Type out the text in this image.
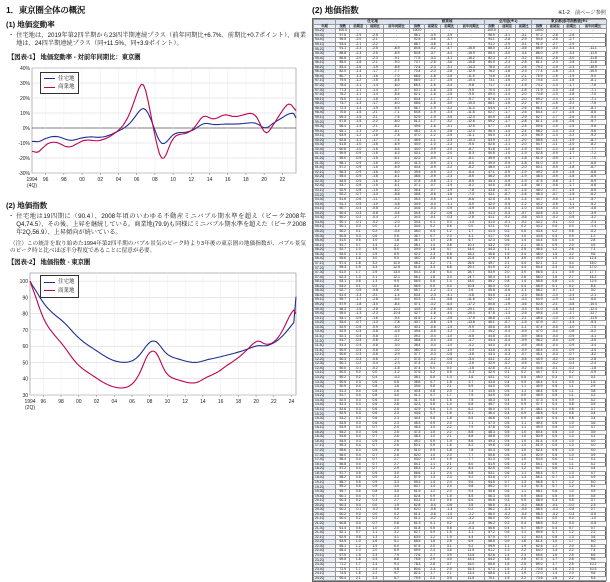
1．東京圏全体の概況
(1) 地価変動率
・ 住宅地は、2019年第2四半期から23四半期連続プラス（前年同期比+6.7%、前期比+0.7ポイント）、商業地は、24四半期連続プラス（同+11.5%、同+3.9ポイント）。
【図表-1】 地価変動率 - 対前年同期比：東京圏
-30%
-20%
-10%
0%
10%
20%
30%
40%
96	98	00	02	04	06	08	10	12	14	16	18	20	22
1994
(4Q)
住宅地
商業地
(2) 地価指数
・ 住宅地は19四期に（90.4）、2008年頃のいわゆる不動産ミニバブル期水準を超え（ピーク2008年Q4,74.5）、その後、上昇を継続している。商業地(79.9)も同様にミニバブル期水準を超えた（ピーク2008年2Q,56.9）、上昇傾向が続いている。
（注）この統計を取り始めた1994年第2四半期のバブル景気のピーク時より3年後の東京圏の地価指数が、バブル景気のピーク時と比べほぼ半分程度であることに留意が必要。
【図表-2】 地価指数 - 東京圏
30
40
50
60
70
80
90
100
96 98 00 02 04 06 08 10 12 14 16 18 20 22 24
1994
(2Q)
住宅地
商業地
(2) 地価指数	※1-2　前ページ参照
	住宅地				商業地				全用途(※1)			東京都(参考指数値)※2			
年期	指数	前期差	前期比	前年同期比	指数	前期差	前期比	前年同期比	指数	前期差	前期比	指数	前期差	前期比	前年同期比
94-2Q	100.0	-	-	-	100.0	-	-	-	100.0	-	-	100.0	-	-	-
94-3Q	97.5	-2.5	-2.5	-	96.1	-3.9	-3.9	-	96.9	-3.1	-3.1	97.2	-2.8	-2.8	-
94-4Q	95.5	-2.0	-2.1	-	92.5	-3.6	-3.7	-	94.1	-2.8	-2.9	94.6	-2.6	-2.7	-
95-1Q	93.4	-2.1	-2.2	-	88.7	-3.8	-4.1	-	91.2	-2.9	-3.1	91.9	-2.7	-2.9	-
95-2Q	91.1	-2.3	-2.5	-8.9	84.5	-4.2	-4.7	-15.5	88.0	-3.2	-3.5	88.9	-3.0	-3.3	-11.1
95-3Q	88.8	-2.3	-2.5	-8.9	80.8	-3.7	-4.4	-15.9	85.0	-3.0	-3.4	86.0	-2.9	-3.3	-11.5
95-4Q	86.8	-2.0	-2.3	-9.1	77.5	-3.3	-4.1	-16.2	82.3	-2.7	-3.2	83.4	-2.6	-3.0	-11.8
96-1Q	85.0	-1.8	-2.1	-9.0	74.7	-2.8	-3.6	-15.8	80.0	-2.3	-2.8	81.1	-2.3	-2.8	-11.8
96-2Q	83.4	-1.6	-1.9	-8.5	72.4	-2.3	-3.1	-14.3	78.0	-2.0	-2.5	79.2	-1.9	-2.3	-10.9
96-3Q	82.0	-1.4	-1.7	-7.7	70.4	-2.0	-2.8	-12.9	76.2	-1.8	-2.3	77.4	-1.8	-2.3	-10.0
96-4Q	80.7	-1.3	-1.6	-7.0	68.6	-1.8	-2.6	-11.5	74.6	-1.6	-2.1	75.9	-1.5	-1.9	-9.0
97-1Q	79.5	-1.2	-1.5	-6.5	66.9	-1.7	-2.5	-10.4	73.1	-1.5	-2.0	74.5	-1.4	-1.8	-8.1
97-2Q	78.4	-1.1	-1.4	-6.0	65.3	-1.6	-2.4	-9.8	71.7	-1.4	-1.9	73.2	-1.3	-1.7	-7.6
97-3Q	77.3	-1.1	-1.4	-5.7	63.7	-1.6	-2.5	-9.5	70.4	-1.3	-1.8	71.9	-1.3	-1.8	-7.1
97-4Q	76.2	-1.1	-1.4	-5.6	62.1	-1.6	-2.5	-9.5	69.0	-1.4	-2.0	70.6	-1.3	-1.8	-7.0
98-1Q	75.0	-1.2	-1.6	-5.7	60.4	-1.7	-2.7	-9.7	67.6	-1.4	-2.0	69.2	-1.4	-2.0	-7.1
98-2Q	73.7	-1.3	-1.7	-6.0	58.6	-1.8	-3.0	-10.3	66.1	-1.5	-2.2	67.7	-1.5	-2.2	-7.5
98-3Q	72.3	-1.4	-1.9	-6.5	56.7	-1.9	-3.2	-11.0	64.4	-1.7	-2.6	66.1	-1.6	-2.4	-8.1
98-4Q	70.8	-1.5	-2.1	-7.1	54.8	-1.9	-3.4	-11.8	62.7	-1.7	-2.6	64.4	-1.7	-2.6	-8.8
99-1Q	69.3	-1.5	-2.1	-7.6	52.9	-1.9	-3.5	-12.4	60.9	-1.8	-2.9	62.7	-1.7	-2.6	-9.4
99-2Q	67.8	-1.5	-2.2	-8.0	51.2	-1.7	-3.2	-12.6	59.2	-1.7	-2.8	61.1	-1.6	-2.6	-9.7
99-3Q	66.4	-1.4	-2.1	-8.2	49.6	-1.6	-3.1	-12.5	57.7	-1.5	-2.5	59.6	-1.5	-2.5	-9.8
99-4Q	65.1	-1.3	-2.0	-8.1	48.2	-1.4	-2.8	-12.0	56.3	-1.4	-2.4	58.2	-1.4	-2.3	-9.6
00-1Q	63.9	-1.2	-1.8	-7.8	47.0	-1.2	-2.5	-11.1	55.0	-1.3	-2.3	56.9	-1.3	-2.2	-9.2
00-2Q	62.8	-1.1	-1.7	-7.4	45.9	-1.1	-2.3	-10.3	53.9	-1.1	-2.0	55.8	-1.1	-1.9	-8.7
00-3Q	61.8	-1.0	-1.6	-6.9	44.9	-1.0	-2.2	-9.5	52.8	-1.1	-2.0	54.7	-1.1	-2.0	-8.2
00-4Q	60.8	-1.0	-1.6	-6.6	44.0	-0.9	-2.0	-8.7	51.8	-1.0	-1.9	53.7	-1.0	-1.8	-7.7
01-1Q	59.9	-0.9	-1.5	-6.3	43.1	-0.9	-2.0	-8.3	50.8	-1.0	-1.9	52.8	-0.9	-1.7	-7.2
01-2Q	59.0	-0.9	-1.5	-6.1	42.2	-0.9	-2.1	-8.1	49.9	-0.9	-1.8	51.9	-0.9	-1.7	-7.0
01-3Q	58.1	-0.9	-1.5	-6.0	41.3	-0.9	-2.1	-8.0	49.0	-0.9	-1.8	51.0	-0.9	-1.7	-6.8
01-4Q	57.2	-0.9	-1.5	-5.9	40.4	-0.9	-2.2	-8.2	48.0	-1.0	-2.0	50.1	-0.9	-1.8	-6.7
02-1Q	56.3	-0.9	-1.6	-6.0	39.5	-0.9	-2.2	-8.4	47.1	-0.9	-1.9	49.2	-0.9	-1.8	-6.8
02-2Q	55.4	-0.9	-1.6	-6.1	38.6	-0.9	-2.3	-8.5	46.2	-0.9	-1.9	48.3	-0.9	-1.8	-6.9
02-3Q	54.5	-0.9	-1.6	-6.2	37.8	-0.8	-2.1	-8.5	45.3	-0.9	-1.9	47.5	-0.8	-1.7	-6.9
02-4Q	53.7	-0.8	-1.5	-6.1	37.1	-0.7	-1.9	-8.2	44.5	-0.8	-1.8	46.7	-0.8	-1.7	-6.8
03-1Q	52.9	-0.8	-1.5	-6.0	36.4	-0.7	-1.9	-7.8	43.8	-0.7	-1.6	46.0	-0.7	-1.5	-6.5
03-2Q	52.2	-0.7	-1.3	-5.8	35.8	-0.6	-1.6	-7.3	43.1	-0.7	-1.6	45.3	-0.7	-1.5	-6.2
03-3Q	51.6	-0.6	-1.1	-5.3	35.3	-0.5	-1.4	-6.6	42.5	-0.6	-1.4	44.7	-0.6	-1.3	-5.7
03-4Q	51.1	-0.5	-1.0	-4.8	34.9	-0.4	-1.1	-5.9	42.0	-0.5	-1.2	44.2	-0.5	-1.1	-5.2
04-1Q	50.7	-0.4	-0.8	-4.2	34.6	-0.3	-0.9	-4.9	41.6	-0.4	-1.0	43.8	-0.4	-0.9	-4.6
04-2Q	50.4	-0.3	-0.6	-3.4	34.4	-0.2	-0.6	-3.9	41.3	-0.3	-0.7	43.5	-0.3	-0.7	-3.9
04-3Q	50.2	-0.2	-0.4	-2.7	34.3	-0.1	-0.3	-2.8	41.1	-0.2	-0.5	43.3	-0.2	-0.5	-3.2
04-4Q	50.1	-0.1	-0.2	-2.0	34.4	0.1	0.3	-1.4	41.0	-0.1	-0.2	43.2	-0.1	-0.2	-2.3
05-1Q	50.1	0.0	0.0	-1.2	34.6	0.2	0.6	0.0	41.1	0.1	0.2	43.2	0.0	0.0	-1.4
05-2Q	50.2	0.1	0.2	-0.4	35.0	0.4	1.2	1.7	41.3	0.2	0.5	43.4	0.2	0.5	-0.2
05-3Q	50.5	0.3	0.6	0.6	35.7	0.7	2.0	4.1	41.7	0.4	1.0	43.8	0.4	0.9	1.2
05-4Q	51.0	0.5	1.0	1.8	36.7	1.0	2.8	6.7	42.3	0.6	1.4	44.4	0.6	1.4	2.8
06-1Q	51.7	0.7	1.4	3.2	38.1	1.4	3.8	10.1	43.2	0.9	2.1	45.3	0.9	2.0	4.9
06-2Q	52.7	1.0	1.9	5.0	39.9	1.8	4.7	14.0	44.3	1.1	2.5	46.5	1.2	2.6	7.1
06-3Q	54.0	1.3	2.5	6.9	42.2	2.3	5.8	18.2	45.8	1.5	3.4	48.0	1.5	3.2	9.6
06-4Q	55.6	1.6	3.0	9.0	45.0	2.8	6.6	22.6	47.6	1.8	3.9	49.9	1.9	4.0	12.4
07-1Q	57.4	1.8	3.2	11.0	48.2	3.2	7.1	26.5	49.7	2.1	4.4	52.1	2.2	4.4	15.0
07-2Q	59.3	1.9	3.3	12.5	51.5	3.3	6.8	29.1	51.9	2.2	4.4	54.4	2.3	4.4	17.0
07-3Q	61.0	1.7	2.9	13.0	54.3	2.8	5.4	28.7	53.9	2.0	3.9	56.5	2.1	3.9	17.7
07-4Q	62.3	1.3	2.1	12.1	56.1	1.8	3.3	24.7	55.4	1.5	2.8	58.0	1.5	2.7	16.2
08-1Q	63.1	0.8	1.3	9.9	56.9	0.8	1.4	18.0	56.2	0.8	1.4	58.8	0.8	1.4	12.9
08-2Q	63.2	0.1	0.2	6.6	56.9	0.0	0.0	10.5	56.4	0.2	0.4	58.9	0.1	0.2	8.3
08-3Q	62.7	-0.5	-0.8	2.8	55.7	-1.2	-2.1	2.6	55.8	-0.6	-1.1	58.2	-0.7	-1.2	3.0
08-4Q	61.4	-1.3	-2.1	-1.4	53.4	-2.3	-4.1	-4.8	54.5	-1.3	-2.3	56.8	-1.4	-2.4	-2.1
09-1Q	59.7	-1.7	-2.8	-5.4	50.3	-3.1	-5.8	-11.6	52.7	-1.8	-3.3	54.9	-1.9	-3.3	-6.6
09-2Q	57.9	-1.8	-3.0	-8.4	47.1	-3.2	-6.4	-17.2	50.8	-1.9	-3.6	52.8	-2.1	-3.8	-10.4
09-3Q	56.3	-1.6	-2.8	-10.2	44.5	-2.6	-5.5	-20.1	49.1	-1.7	-3.3	51.0	-1.8	-3.4	-12.4
09-4Q	55.0	-1.3	-2.3	-10.4	42.7	-1.8	-4.0	-20.0	47.8	-1.3	-2.6	49.6	-1.4	-2.7	-12.7
10-1Q	54.1	-0.9	-1.6	-9.4	41.5	-1.2	-2.8	-17.5	46.8	-1.0	-2.1	48.6	-1.0	-2.0	-11.5
10-2Q	53.4	-0.7	-1.3	-7.8	40.7	-0.8	-1.9	-13.6	46.1	-0.7	-1.5	47.9	-0.7	-1.4	-9.3
10-3Q	52.9	-0.5	-0.9	-6.0	40.1	-0.6	-1.5	-9.9	45.6	-0.5	-1.1	47.4	-0.5	-1.0	-7.0
10-4Q	52.5	-0.4	-0.8	-4.5	39.6	-0.5	-1.2	-7.3	45.2	-0.4	-0.9	47.0	-0.4	-0.8	-5.2
11-1Q	52.1	-0.4	-0.8	-3.7	39.2	-0.4	-1.0	-5.5	44.8	-0.4	-0.9	46.6	-0.4	-0.9	-4.1
11-2Q	51.7	-0.4	-0.8	-3.2	38.8	-0.4	-1.0	-4.7	44.4	-0.4	-0.9	46.2	-0.4	-0.9	-3.5
11-3Q	51.3	-0.4	-0.8	-3.0	38.4	-0.4	-1.0	-4.2	44.0	-0.4	-0.9	45.8	-0.4	-0.9	-3.4
11-4Q	50.9	-0.4	-0.8	-3.0	38.0	-0.4	-1.0	-4.0	43.6	-0.4	-0.9	45.4	-0.4	-0.9	-3.4
12-1Q	50.6	-0.3	-0.6	-2.9	37.7	-0.3	-0.8	-3.8	43.3	-0.3	-0.7	45.1	-0.3	-0.7	-3.2
12-2Q	50.3	-0.3	-0.6	-2.7	37.5	-0.2	-0.5	-3.4	43.1	-0.2	-0.5	44.9	-0.2	-0.4	-2.8
12-3Q	50.1	-0.2	-0.4	-2.3	37.4	-0.1	-0.3	-2.6	42.9	-0.2	-0.5	44.7	-0.2	-0.4	-2.4
12-4Q	50.0	-0.1	-0.2	-1.8	37.4	0.0	0.0	-1.6	42.8	-0.1	-0.2	44.6	-0.1	-0.2	-1.8
13-1Q	50.0	0.0	0.0	-1.2	37.6	0.2	0.5	-0.3	42.9	0.1	0.2	44.7	0.1	0.2	-0.9
13-2Q	50.2	0.2	0.4	-0.2	38.1	0.5	1.3	1.6	43.1	0.2	0.5	45.0	0.3	0.7	0.2
13-3Q	50.5	0.3	0.6	0.8	38.8	0.7	1.8	3.7	43.5	0.4	0.9	45.4	0.4	0.9	1.6
13-4Q	50.9	0.4	0.8	1.8	39.6	0.8	2.1	5.9	44.0	0.5	1.1	45.9	0.5	1.1	2.9
14-1Q	51.3	0.4	0.8	2.6	40.4	0.8	2.0	7.4	44.5	0.5	1.1	46.4	0.5	1.1	3.8
14-2Q	51.7	0.4	0.8	3.0	41.1	0.7	1.7	7.9	44.9	0.4	0.9	46.9	0.5	1.1	4.2
14-3Q	52.0	0.3	0.6	3.0	41.7	0.6	1.5	7.5	45.3	0.4	0.9	47.3	0.4	0.9	4.2
14-4Q	52.3	0.3	0.6	2.8	42.3	0.6	1.4	6.8	45.7	0.4	0.9	47.7	0.4	0.8	3.9
15-1Q	52.6	0.3	0.6	2.5	42.9	0.6	1.4	6.2	46.0	0.3	0.7	48.1	0.4	0.8	3.7
15-2Q	52.9	0.3	0.6	2.3	43.6	0.7	1.6	6.1	46.4	0.4	0.9	48.5	0.4	0.8	3.4
15-3Q	53.2	0.3	0.6	2.3	44.4	0.8	1.8	6.5	46.8	0.4	0.9	48.9	0.4	0.8	3.4
15-4Q	53.5	0.3	0.6	2.3	45.3	0.9	2.0	7.1	47.3	0.5	1.1	49.4	0.5	1.0	3.6
16-1Q	53.9	0.4	0.7	2.5	46.3	1.0	2.2	7.9	47.8	0.5	1.1	49.9	0.5	1.0	3.7
16-2Q	54.2	0.3	0.6	2.5	47.3	1.0	2.2	8.5	48.3	0.5	1.0	50.4	0.5	1.0	3.9
16-3Q	54.6	0.4	0.7	2.6	48.3	1.0	2.1	8.8	48.8	0.5	1.0	50.9	0.5	1.0	4.1
16-4Q	54.9	0.3	0.5	2.6	49.2	0.9	1.9	8.6	49.3	0.5	1.0	51.4	0.5	1.0	4.0
17-1Q	55.3	0.4	0.7	2.6	50.1	0.9	1.8	8.2	49.8	0.5	1.0	51.9	0.5	1.0	4.0
17-2Q	55.6	0.3	0.5	2.6	51.0	0.9	1.8	7.8	50.3	0.5	1.0	52.4	0.5	1.0	4.0
17-3Q	56.0	0.4	0.7	2.6	52.0	1.0	2.0	7.7	50.8	0.5	1.0	52.9	0.5	1.0	3.9
17-4Q	56.4	0.4	0.7	2.7	53.0	1.0	1.9	7.7	51.3	0.5	1.0	53.5	0.6	1.1	4.1
18-1Q	56.8	0.4	0.7	2.7	54.1	1.1	2.1	8.0	51.9	0.6	1.2	54.1	0.6	1.1	4.2
18-2Q	57.2	0.4	0.7	2.9	55.3	1.2	2.2	8.4	52.5	0.6	1.2	54.7	0.6	1.1	4.4
18-3Q	57.7	0.5	0.9	3.0	56.6	1.3	2.4	8.8	53.1	0.6	1.1	55.4	0.7	1.3	4.7
18-4Q	58.2	0.5	0.9	3.2	57.9	1.3	2.3	9.2	53.8	0.7	1.3	56.1	0.7	1.3	4.9
19-1Q	58.7	0.5	0.9	3.3	59.3	1.4	2.4	9.6	54.5	0.7	1.3	56.8	0.7	1.2	5.0
19-2Q	59.2	0.5	0.9	3.5	60.7	1.4	2.4	9.8	55.2	0.7	1.3	57.5	0.7	1.2	5.1
19-3Q	59.7	0.5	0.8	3.5	61.9	1.2	2.0	9.4	55.8	0.6	1.1	58.1	0.6	1.0	4.9
19-4Q	60.1	0.4	0.7	3.3	62.8	0.9	1.5	8.5	56.3	0.5	0.9	58.6	0.5	0.9	4.5
20-1Q	60.3	0.2	0.3	2.7	63.2	0.4	0.6	6.6	56.6	0.3	0.5	58.9	0.3	0.5	3.7
20-2Q	60.3	0.0	0.0	1.9	62.8	-0.4	-0.6	3.5	56.5	-0.1	-0.2	58.8	-0.1	-0.2	2.3
20-3Q	60.2	-0.1	-0.2	0.8	62.0	-0.8	-1.3	0.2	56.2	-0.3	-0.5	58.5	-0.3	-0.5	0.7
20-4Q	60.2	0.0	0.0	0.2	61.4	-0.6	-1.0	-2.2	56.0	-0.2	-0.4	58.3	-0.2	-0.3	-0.5
21-1Q	60.4	0.2	0.3	0.2	61.2	-0.2	-0.3	-3.2	56.0	0.0	0.0	58.3	0.0	0.0	-1.0
21-2Q	60.8	0.4	0.7	0.8	61.3	0.1	0.2	-2.4	56.2	0.2	0.4	58.5	0.2	0.3	-0.5
21-3Q	61.4	0.6	1.0	2.0	61.8	0.5	0.8	-0.3	56.6	0.4	0.7	58.9	0.4	0.7	0.7
21-4Q	62.1	0.7	1.1	3.2	62.7	0.9	1.5	2.1	57.2	0.6	1.1	59.6	0.7	1.2	2.2
22-1Q	62.9	0.8	1.3	4.1	63.9	1.2	1.9	4.4	57.9	0.7	1.2	60.4	0.8	1.3	3.6
22-2Q	63.9	1.0	1.6	5.1	65.5	1.6	2.5	6.9	58.8	0.9	1.6	61.4	1.0	1.7	5.0
22-3Q	65.1	1.2	1.9	6.0	67.5	2.0	3.1	9.2	59.9	1.1	1.9	62.6	1.2	2.0	6.3
22-4Q	66.4	1.3	2.0	6.9	69.9	2.4	3.6	11.5	61.2	1.3	2.2	64.0	1.4	2.2	7.4
23-1Q	67.9	1.5	2.3	7.9	72.6	2.7	3.9	13.6	62.6	1.4	2.3	65.6	1.6	2.5	8.6
23-2Q	69.5	1.6	2.4	8.8	75.5	2.9	4.0	15.3	64.2	1.6	2.6	67.3	1.7	2.6	9.6
23-3Q	71.2	1.7	2.4	9.4	78.3	2.8	3.7	16.0	65.8	1.6	2.5	69.0	1.7	2.5	10.2
23-4Q	72.9	1.7	2.4	9.8	80.6	2.3	2.9	15.3	67.3	1.5	2.3	70.6	1.6	2.3	10.3
24-1Q	74.5	1.6	2.2	9.7	82.3	1.7	2.1	13.4	68.6	1.3	1.9	72.0	1.4	2.0	9.8
24-2Q	90.4	2.1	2.3	6.7	79.9	2.2	3.9	11.5	70.1	1.5	2.2	73.6	1.6	2.2	9.3
